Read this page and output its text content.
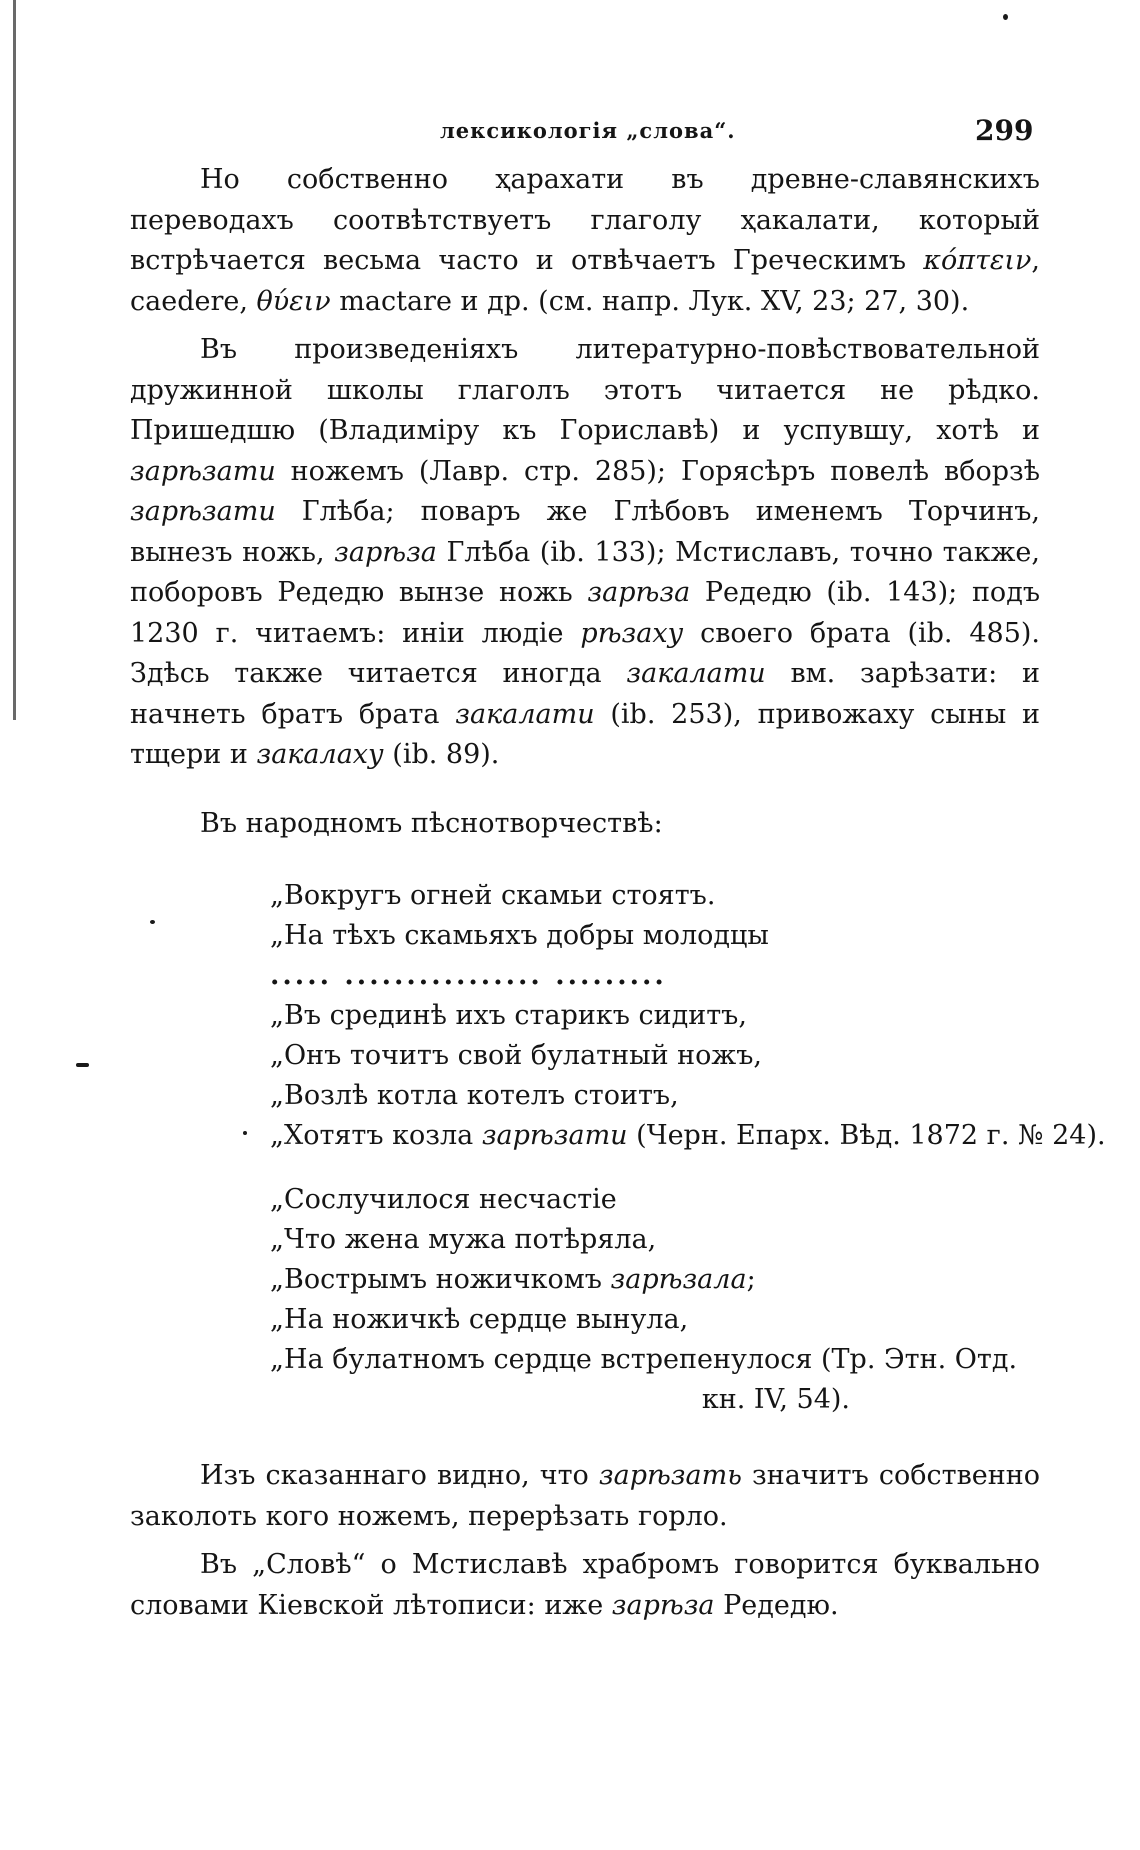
лексикологія „слова“.	299

Но собственно ҳарахати въ древне-славянскихъ переводахъ соотвѣтствуетъ глаголу ҳакалати, который встрѣчается весьма часто и отвѣчаетъ Греческимъ κόπτειν, caedere, θύειν mactare и др. (см. напр. Лук. XV, 23; 27, 30).

Въ произведеніяхъ литературно-повѣствовательной дружинной школы глаголъ этотъ читается не рѣдко. Пришедшю (Владиміру къ Гориславѣ) и успувшу, хотѣ и зарѣзати ножемъ (Лавр. стр. 285); Горясѣръ повелѣ вборзѣ зарѣзати Глѣба; поваръ же Глѣбовъ именемъ Торчинъ, вынезъ ножь, зарѣза Глѣба (ib. 133); Мстиславъ, точно также, поборовъ Редедю вынзе ножь зарѣза Редедю (ib. 143); подъ 1230 г. читаемъ: иніи людіе рѣзаху своего брата (ib. 485). Здѣсь также читается иногда закалати вм. зарѣзати: и начнеть братъ брата закалати (ib. 253), привожаху сыны и тщери и закалаху (ib. 89).

Въ народномъ пѣснотворчествѣ:
„Вокругъ огней скамьи стоятъ.
„На тѣхъ скамьяхъ добры молодцы
..... ................ .........
„Въ срединѣ ихъ старикъ сидитъ,
„Онъ точитъ свой булатный ножъ,
„Возлѣ котла котелъ стоитъ,
„Хотятъ козла зарѣзати (Черн. Епарх. Вѣд. 1872 г. № 24).
„Сослучилося несчастіе
„Что жена мужа потѣряла,
„Вострымъ ножичкомъ зарѣзала;
„На ножичкѣ сердце вынула,
„На булатномъ сердце встрепенулося (Тр. Этн. Отд.
кн. IV, 54).

Изъ сказаннаго видно, что зарѣзать значитъ собственно заколоть кого ножемъ, перерѣзать горло.

Въ „Словѣ“ о Мстиславѣ храбромъ говорится буквально словами Кіевской лѣтописи: иже зарѣза Редедю.
